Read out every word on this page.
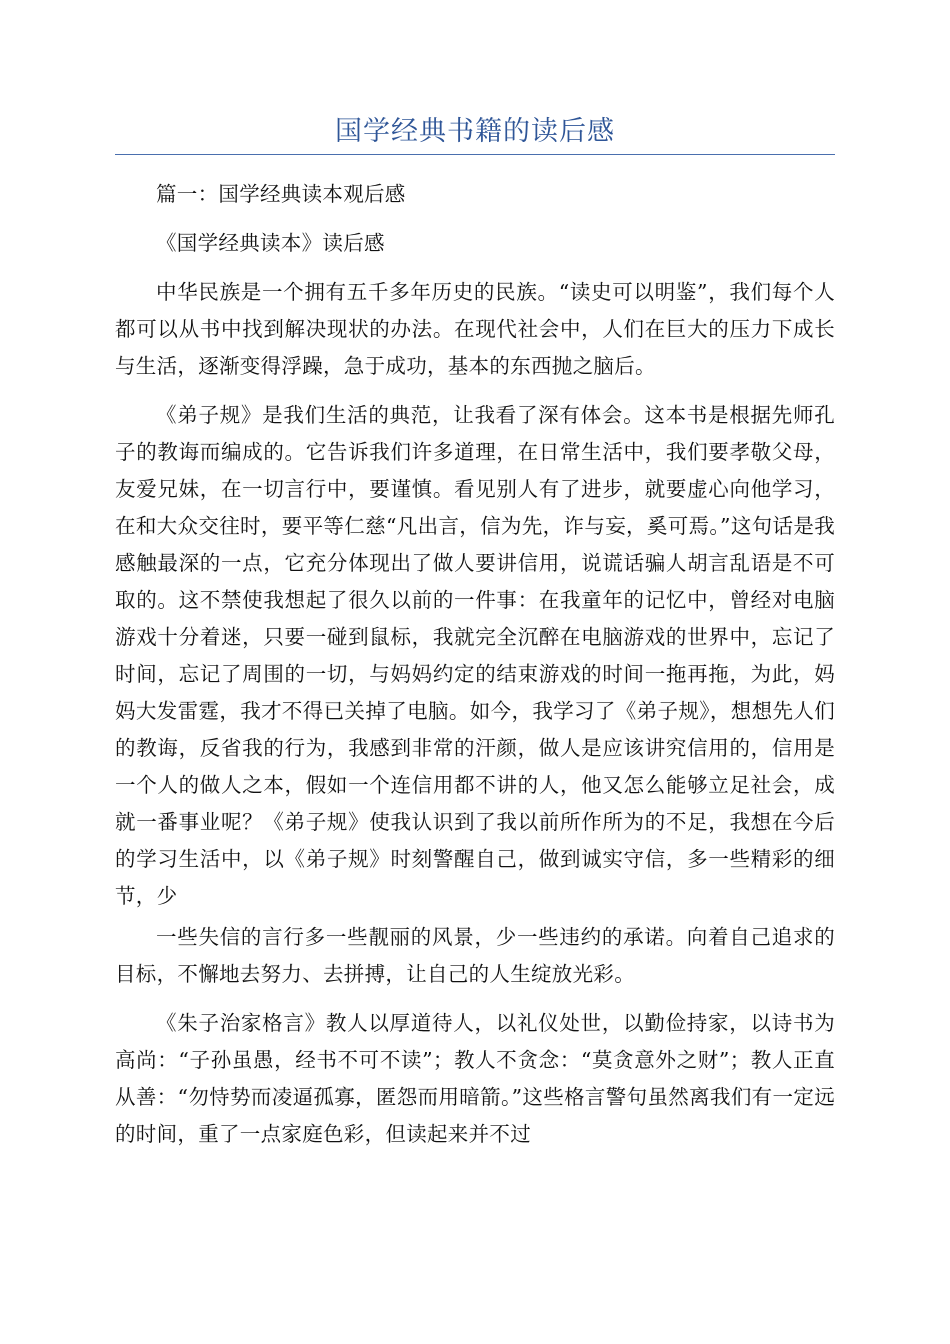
国学经典书籍的读后感

篇一：国学经典读本观后感

《国学经典读本》读后感

中华民族是一个拥有五千多年历史的民族。“读史可以明鉴”，我们每个人都可以从书中找到解决现状的办法。在现代社会中，人们在巨大的压力下成长与生活，逐渐变得浮躁，急于成功，基本的东西抛之脑后。

《弟子规》是我们生活的典范，让我看了深有体会。这本书是根据先师孔子的教诲而编成的。它告诉我们许多道理，在日常生活中，我们要孝敬父母，友爱兄妹，在一切言行中，要谨慎。看见别人有了进步，就要虚心向他学习，在和大众交往时，要平等仁慈“凡出言，信为先，诈与妄，奚可焉。”这句话是我感触最深的一点，它充分体现出了做人要讲信用，说谎话骗人胡言乱语是不可取的。这不禁使我想起了很久以前的一件事：在我童年的记忆中，曾经对电脑游戏十分着迷，只要一碰到鼠标，我就完全沉醉在电脑游戏的世界中，忘记了时间，忘记了周围的一切，与妈妈约定的结束游戏的时间一拖再拖，为此，妈妈大发雷霆，我才不得已关掉了电脑。如今，我学习了《弟子规》，想想先人们的教诲，反省我的行为，我感到非常的汗颜，做人是应该讲究信用的，信用是一个人的做人之本，假如一个连信用都不讲的人，他又怎么能够立足社会，成就一番事业呢？《弟子规》使我认识到了我以前所作所为的不足，我想在今后的学习生活中，以《弟子规》时刻警醒自己，做到诚实守信，多一些精彩的细节，少

一些失信的言行多一些靓丽的风景，少一些违约的承诺。向着自己追求的目标，不懈地去努力、去拼搏，让自己的人生绽放光彩。

《朱子治家格言》教人以厚道待人，以礼仪处世，以勤俭持家，以诗书为高尚：“子孙虽愚，经书不可不读”；教人不贪念：“莫贪意外之财”；教人正直从善：“勿恃势而凌逼孤寡，匿怨而用暗箭。”这些格言警句虽然离我们有一定远的时间，重了一点家庭色彩，但读起来并不过
